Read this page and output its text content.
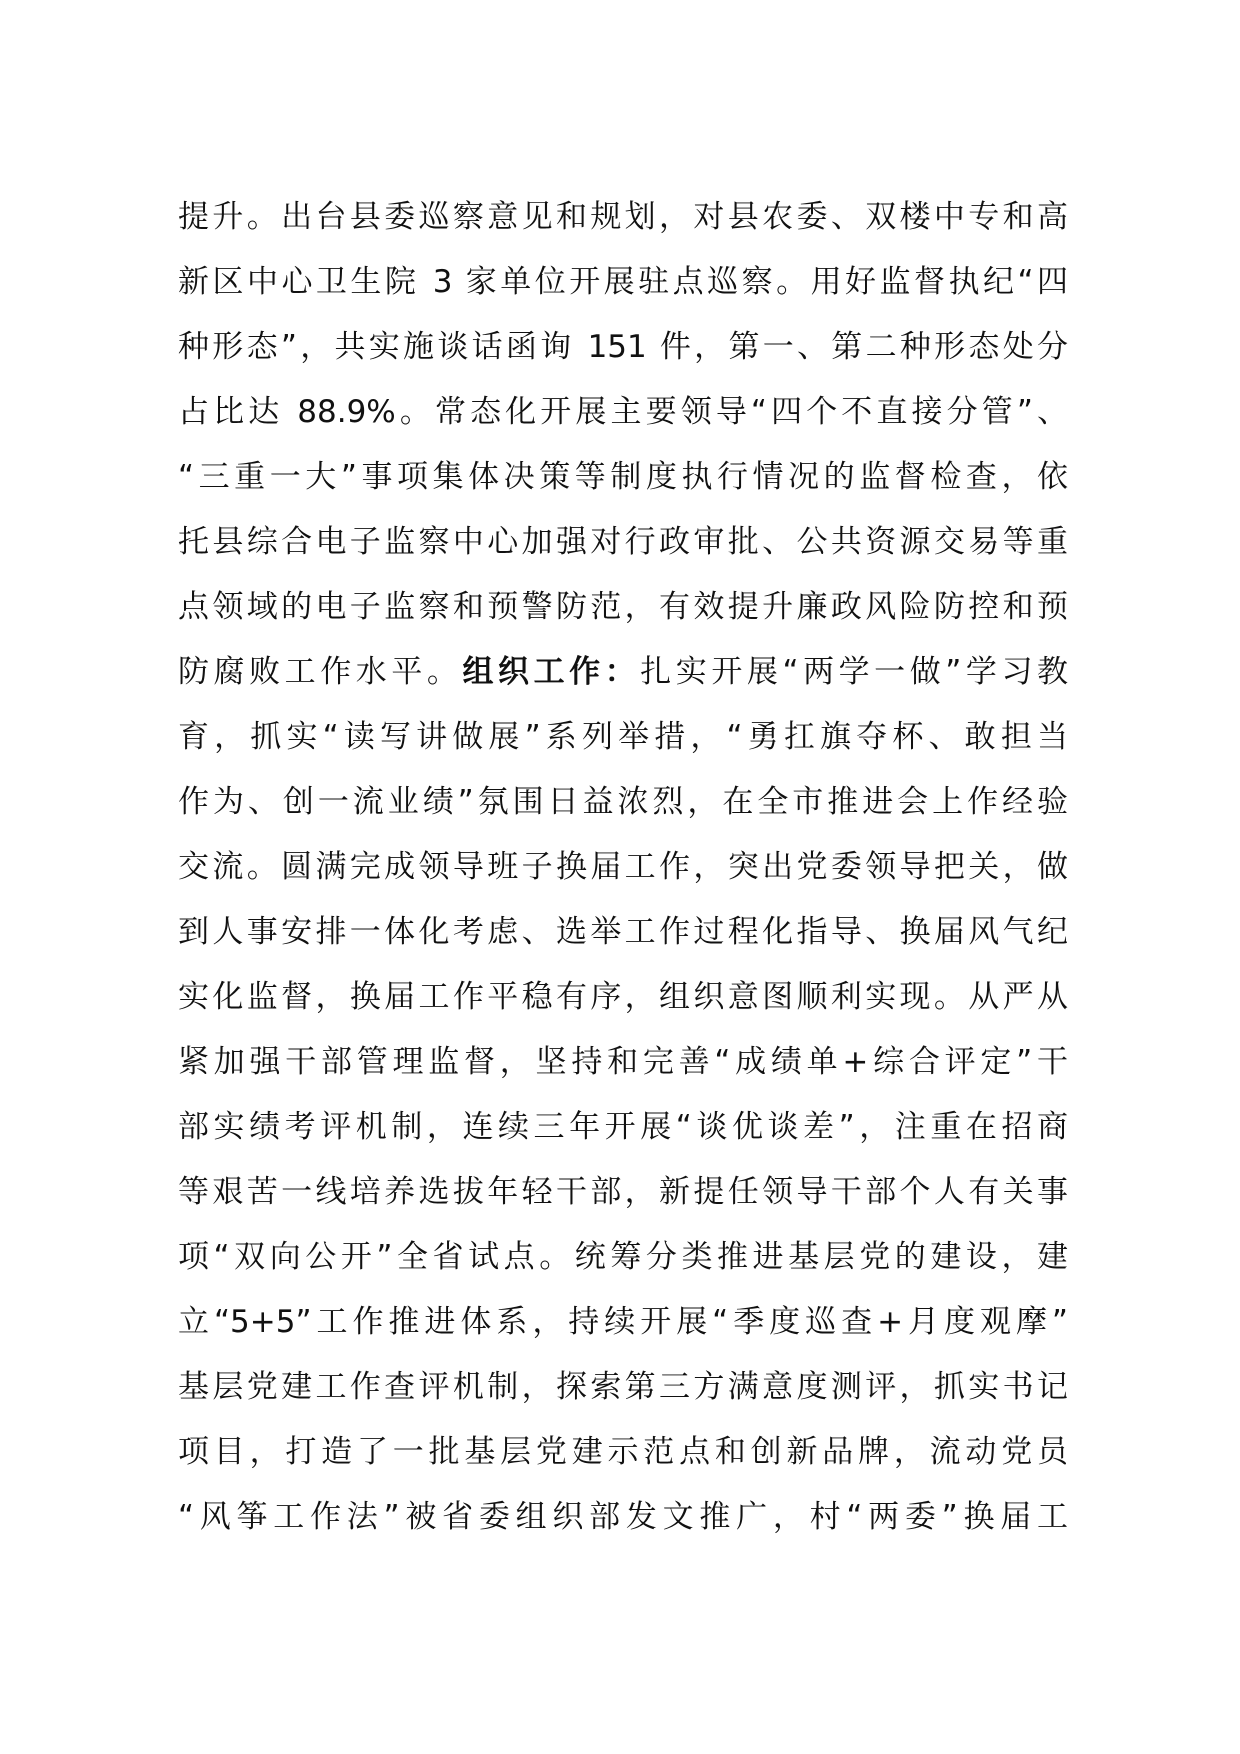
提升。出台县委巡察意见和规划，对县农委、双楼中专和高
新区中心卫生院 3 家单位开展驻点巡察。用好监督执纪“四
种形态”，共实施谈话函询 151 件，第一、第二种形态处分
占比达 88.9%。常态化开展主要领导“四个不直接分管”、
“三重一大”事项集体决策等制度执行情况的监督检查，依
托县综合电子监察中心加强对行政审批、公共资源交易等重
点领域的电子监察和预警防范，有效提升廉政风险防控和预
防腐败工作水平。组织工作：扎实开展“两学一做”学习教
育，抓实“读写讲做展”系列举措，“勇扛旗夺杯、敢担当
作为、创一流业绩”氛围日益浓烈，在全市推进会上作经验
交流。圆满完成领导班子换届工作，突出党委领导把关，做
到人事安排一体化考虑、选举工作过程化指导、换届风气纪
实化监督，换届工作平稳有序，组织意图顺利实现。从严从
紧加强干部管理监督，坚持和完善“成绩单+综合评定”干
部实绩考评机制，连续三年开展“谈优谈差”，注重在招商
等艰苦一线培养选拔年轻干部，新提任领导干部个人有关事
项“双向公开”全省试点。统筹分类推进基层党的建设，建
立“5+5”工作推进体系，持续开展“季度巡查+月度观摩”
基层党建工作查评机制，探索第三方满意度测评，抓实书记
项目，打造了一批基层党建示范点和创新品牌，流动党员
“风筝工作法”被省委组织部发文推广，村“两委”换届工
